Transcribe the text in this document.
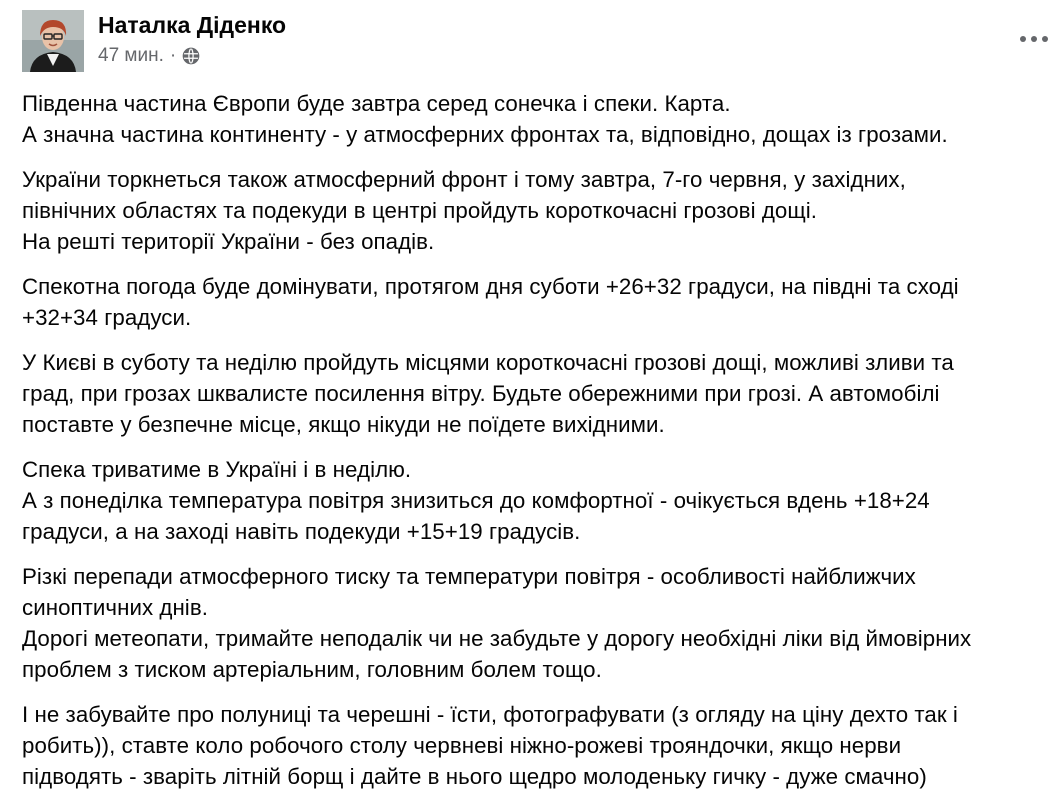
Наталка Діденко
47 мин. ·

Південна частина Європи буде завтра серед сонечка і спеки. Карта.
А значна частина континенту - у атмосферних фронтах та, відповідно, дощах із грозами.

України торкнеться також атмосферний фронт і тому завтра, 7-го червня, у західних,
північних областях та подекуди в центрі пройдуть короткочасні грозові дощі.
На решті території України - без опадів.

Спекотна погода буде домінувати, протягом дня суботи +26+32 градуси, на півдні та сході
+32+34 градуси.

У Києві в суботу та неділю пройдуть місцями короткочасні грозові дощі, можливі зливи та
град, при грозах шквалисте посилення вітру. Будьте обережними при грозі. А автомобілі
поставте у безпечне місце, якщо нікуди не поїдете вихідними.

Спека триватиме в Україні і в неділю.
А з понеділка температура повітря знизиться до комфортної - очікується вдень +18+24
градуси, а на заході навіть подекуди +15+19 градусів.

Різкі перепади атмосферного тиску та температури повітря - особливості найближчих
синоптичних днів.
Дорогі метеопати, тримайте неподалік чи не забудьте у дорогу необхідні ліки від ймовірних
проблем з тиском артеріальним, головним болем тощо.

І не забувайте про полуниці та черешні - їсти, фотографувати (з огляду на ціну дехто так і
робить)), ставте коло робочого столу червневі ніжно-рожеві трояндочки, якщо нерви
підводять - зваріть літній борщ і дайте в нього щедро молоденьку гичку - дуже смачно)
